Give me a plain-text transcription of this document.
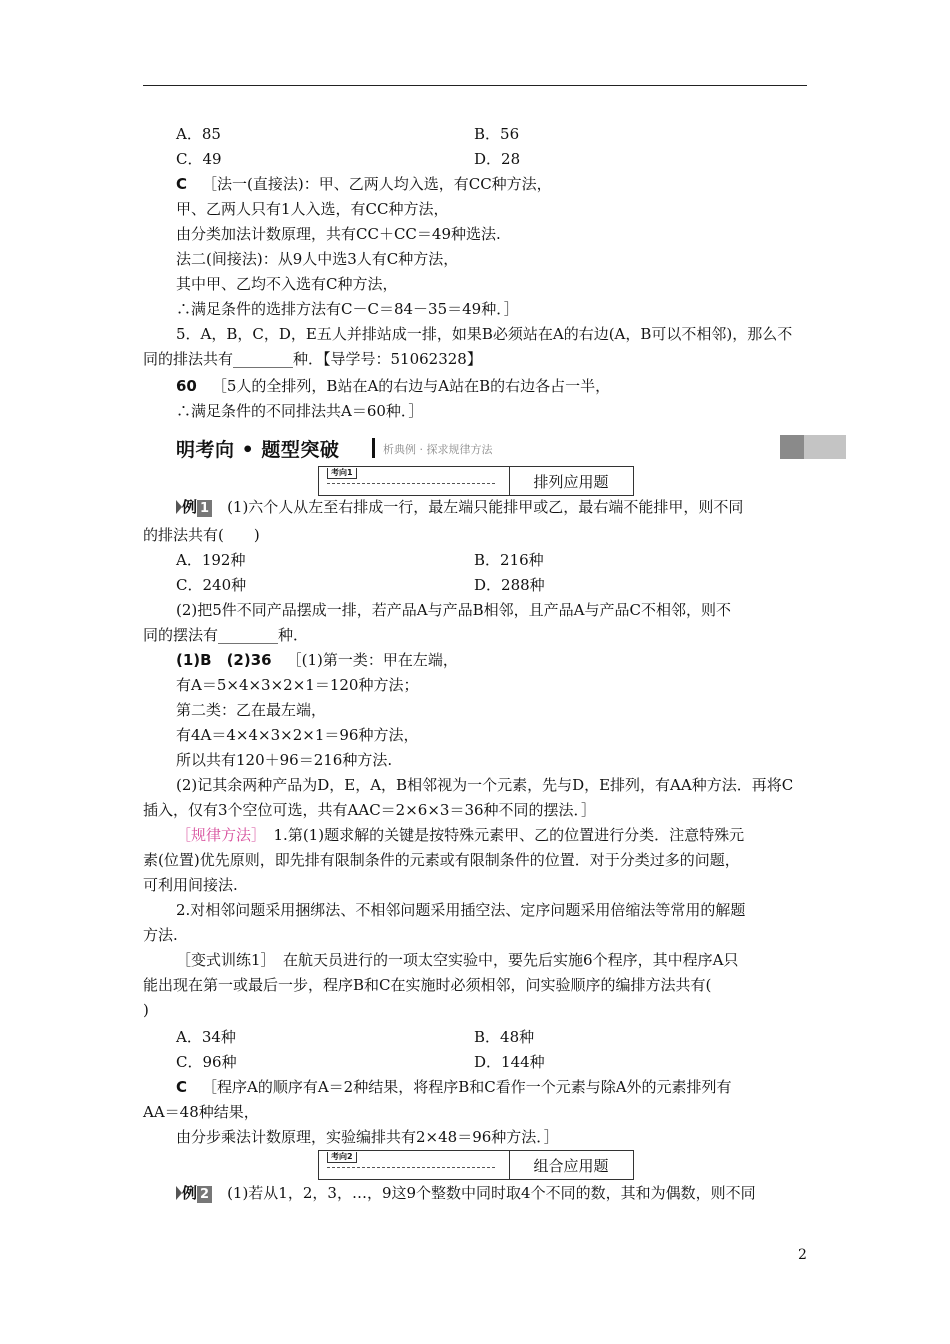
A．85	B．56
C．49	D．28
C  ［法一(直接法)：甲、乙两人均入选，有CC种方法，
甲、乙两人只有1人入选，有CC种方法，
由分类加法计数原理，共有CC＋CC＝49种选法.
法二(间接法)：从9人中选3人有C种方法，
其中甲、乙均不入选有C种方法，
∴满足条件的选排方法有C－C＝84－35＝49种．］
5．A，B，C，D，E五人并排站成一排，如果B必须站在A的右边(A，B可以不相邻)，那么不
同的排法共有________种．【导学号：51062328】
60  ［5人的全排列，B站在A的右边与A站在B的右边各占一半，
∴满足条件的不同排法共A＝60种．］
的排法共有(　　)
A．192种	B．216种
C．240种	D．288种
(2)把5件不同产品摆成一排，若产品A与产品B相邻，且产品A与产品C不相邻，则不
同的摆法有________种．
(1)B　(2)36  ［(1)第一类：甲在左端，
有A＝5×4×3×2×1＝120种方法；
第二类：乙在最左端，
有4A＝4×4×3×2×1＝96种方法，
所以共有120＋96＝216种方法.
(2)记其余两种产品为D，E，A，B相邻视为一个元素，先与D，E排列，有AA种方法．再将C
插入，仅有3个空位可选，共有AAC＝2×6×3＝36种不同的摆法．］
［规律方法］  1.第(1)题求解的关键是按特殊元素甲、乙的位置进行分类．注意特殊元
素(位置)优先原则，即先排有限制条件的元素或有限制条件的位置．对于分类过多的问题，
可利用间接法.
2.对相邻问题采用捆绑法、不相邻问题采用插空法、定序问题采用倍缩法等常用的解题
方法.
［变式训练1］　在航天员进行的一项太空实验中，要先后实施6个程序，其中程序A只
能出现在第一或最后一步，程序B和C在实施时必须相邻，问实验顺序的编排方法共有(
)
A．34种	B．48种
C．96种	D．144种
C  ［程序A的顺序有A＝2种结果，将程序B和C看作一个元素与除A外的元素排列有
AA＝48种结果，
由分步乘法计数原理，实验编排共有2×48＝96种方法．］
明考向 • 题型突破	析典例 · 探求规律方法
考向1
排列应用题
考向2
组合应用题
例 1 (1)六个人从左至右排成一行，最左端只能排甲或乙，最右端不能排甲，则不同
例 2 (1)若从1，2，3，…，9这9个整数中同时取4个不同的数，其和为偶数，则不同
2
